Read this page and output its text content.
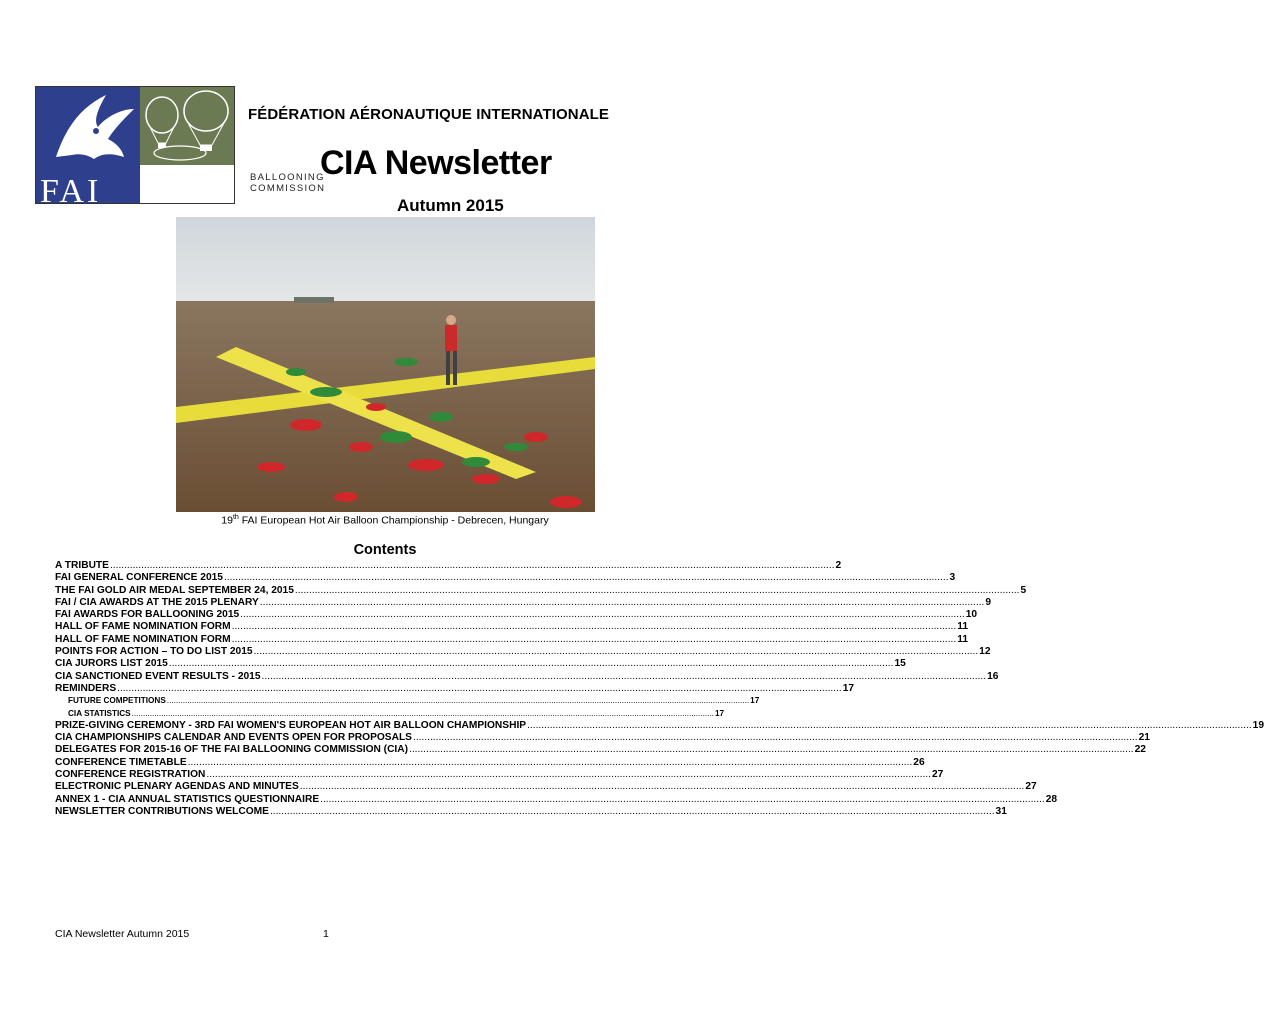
FAI	BALLOONING
COMMISSION
FÉDÉRATION AÉRONAUTIQUE INTERNATIONALE
CIA Newsletter
Autumn 2015
19th FAI European Hot Air Balloon Championship - Debrecen, Hungary
Contents
A TRIBUTE .....	2
FAI GENERAL CONFERENCE 2015 .....	3
THE FAI GOLD AIR MEDAL SEPTEMBER 24, 2015 .....	5
FAI / CIA AWARDS AT THE 2015 PLENARY .....	9
FAI AWARDS FOR BALLOONING 2015 .....	10
HALL OF FAME NOMINATION FORM .....	11
HALL OF FAME NOMINATION FORM .....	11
POINTS FOR ACTION – TO DO LIST 2015 .....	12
CIA JURORS LIST 2015 .....	15
CIA SANCTIONED EVENT RESULTS - 2015 .....	16
REMINDERS .....	17
FUTURE COMPETITIONS .....	17
CIA STATISTICS .....	17
PRIZE-GIVING CEREMONY - 3RD FAI WOMEN'S EUROPEAN HOT AIR BALLOON CHAMPIONSHIP .....	19
CIA CHAMPIONSHIPS CALENDAR AND EVENTS OPEN FOR PROPOSALS .....	21
DELEGATES FOR 2015-16 OF THE FAI BALLOONING COMMISSION (CIA) .....	22
CONFERENCE TIMETABLE .....	26
CONFERENCE REGISTRATION .....	27
ELECTRONIC PLENARY AGENDAS AND MINUTES .....	27
ANNEX 1 - CIA ANNUAL STATISTICS QUESTIONNAIRE .....	28
NEWSLETTER CONTRIBUTIONS WELCOME .....	31
CIA Newsletter Autumn 2015	1
